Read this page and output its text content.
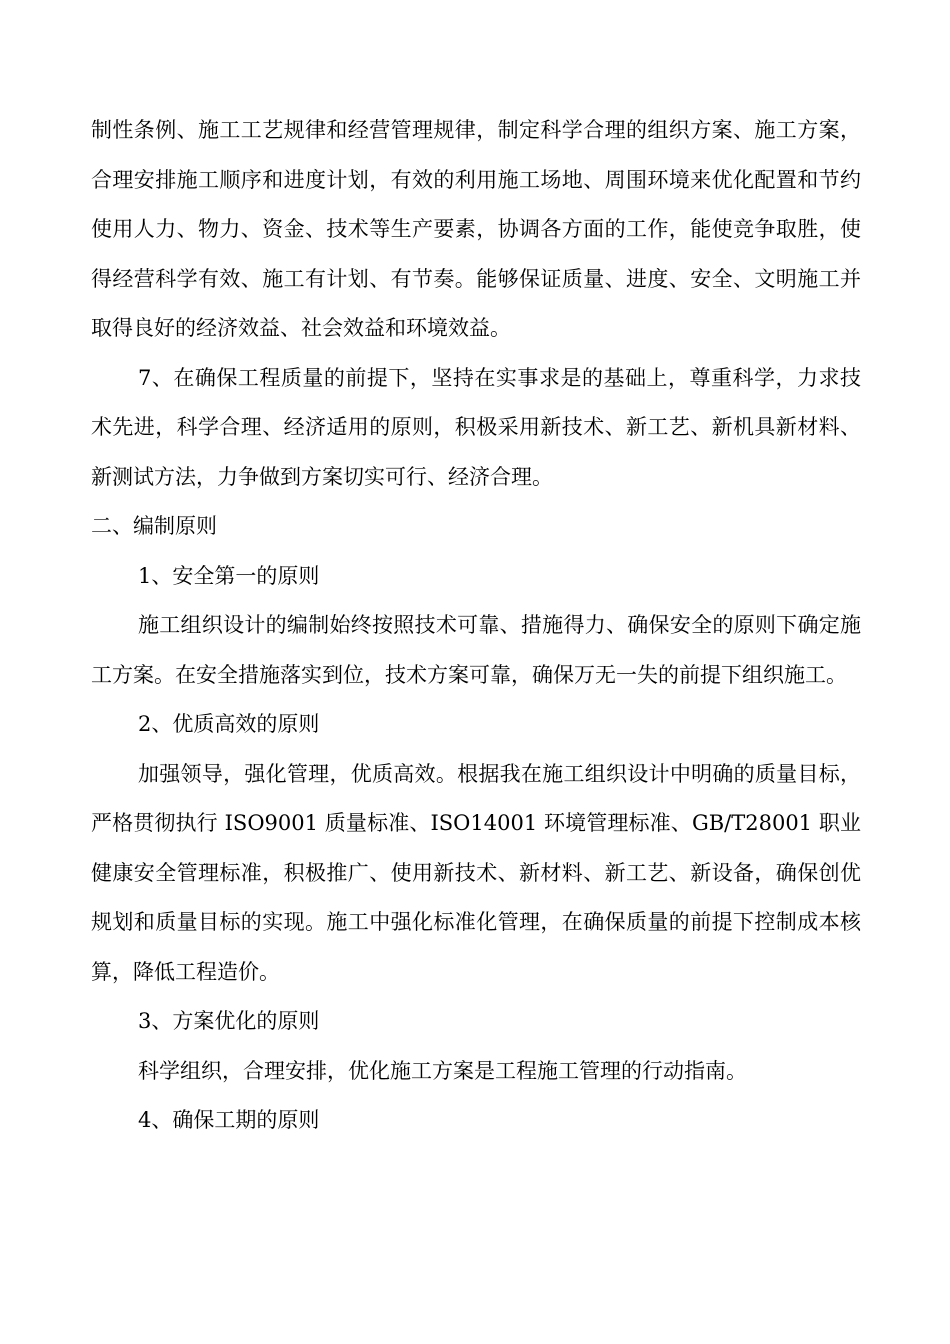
制性条例、施工工艺规律和经营管理规律，制定科学合理的组织方案、施工方案，合理安排施工顺序和进度计划，有效的利用施工场地、周围环境来优化配置和节约使用人力、物力、资金、技术等生产要素，协调各方面的工作，能使竞争取胜，使得经营科学有效、施工有计划、有节奏。能够保证质量、进度、安全、文明施工并取得良好的经济效益、社会效益和环境效益。

7、在确保工程质量的前提下，坚持在实事求是的基础上，尊重科学，力求技术先进，科学合理、经济适用的原则，积极采用新技术、新工艺、新机具新材料、新测试方法，力争做到方案切实可行、经济合理。

二、编制原则

1、安全第一的原则

施工组织设计的编制始终按照技术可靠、措施得力、确保安全的原则下确定施工方案。在安全措施落实到位，技术方案可靠，确保万无一失的前提下组织施工。

2、优质高效的原则

加强领导，强化管理，优质高效。根据我在施工组织设计中明确的质量目标，严格贯彻执行 ISO9001 质量标准、ISO14001 环境管理标准、GB/T28001 职业健康安全管理标准，积极推广、使用新技术、新材料、新工艺、新设备，确保创优规划和质量目标的实现。施工中强化标准化管理，在确保质量的前提下控制成本核算，降低工程造价。

3、方案优化的原则

科学组织，合理安排，优化施工方案是工程施工管理的行动指南。

4、确保工期的原则
